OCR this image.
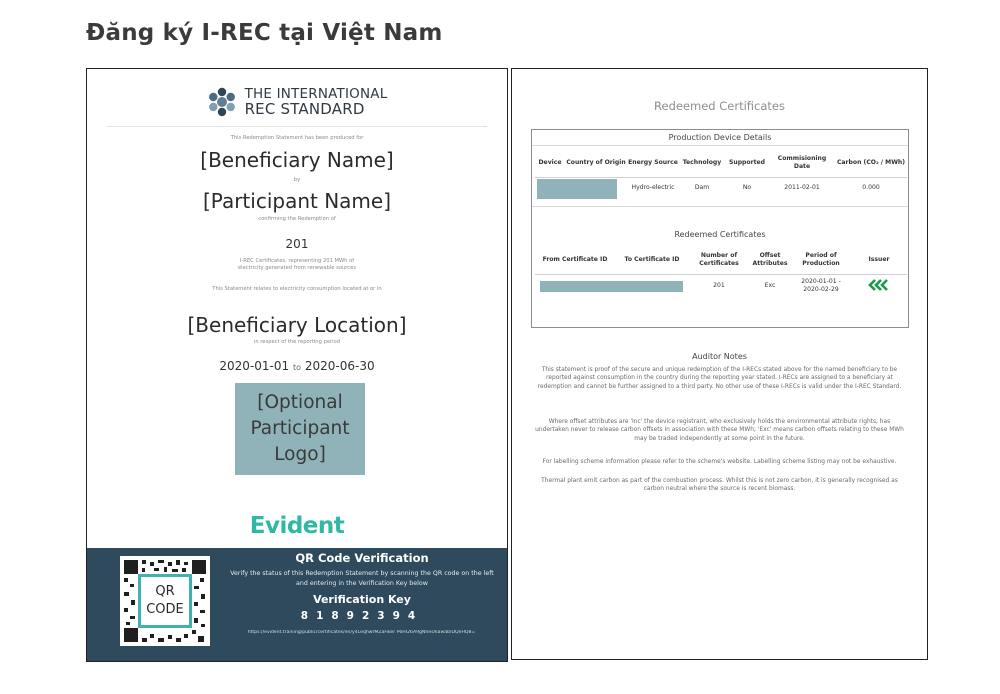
Đăng ký I-REC tại Việt Nam
THE INTERNATIONAL
REC STANDARD
This Redemption Statement has been produced for
[Beneficiary Name]
by
[Participant Name]
confirming the Redemption of
201
I-REC Certificates, representing 201 MWh of
electricity generated from renewable sources
This Statement relates to electricity consumption located at or in
[Beneficiary Location]
in respect of the reporting period
2020-01-01 to 2020-06-30
[Optional
Participant
Logo]
Evident
QR
CODE
QR Code Verification
Verify the status of this Redemption Statement by scanning the QR code on the left and entering in the Verification Key below
Verification Key
81892394
https://evident.training/public/certificates/en/y4LeqhwrMZaFiker P6HI26A9gNhes/kawab/DQeHQ8=
Redeemed Certificates
Production Device Details
Device	Country of Origin	Energy Source	Technology	Supported	Commisioning Date	Carbon (CO₂ / MWh)

		Hydro-electric	Dam	No	2011-02-01	0.000
Redeemed Certificates
From Certificate ID	To Certificate ID	Number of Certificates	Offset Attributes	Period of Production	Issuer

		201	Exc	2020-01-01 -
2020-02-29	
Auditor Notes
This statement is proof of the secure and unique redemption of the I-RECs stated above for the named beneficiary to be reported against consumption in the country during the reporting year stated. I-RECs are assigned to a beneficiary at redemption and cannot be further assigned to a third party. No other use of these I-RECs is valid under the I-REC Standard.
Where offset attributes are 'Inc' the device registrant, who exclusively holds the environmental attribute rights, has undertaken never to release carbon offsets in association with these MWh; 'Exc' means carbon offsets relating to these MWh may be traded independently at some point in the future.
For labelling scheme information please refer to the scheme's website. Labelling scheme listing may not be exhaustive.
Thermal plant emit carbon as part of the combustion process. Whilst this is not zero carbon, it is generally recognised as carbon neutral where the source is recent biomass.
